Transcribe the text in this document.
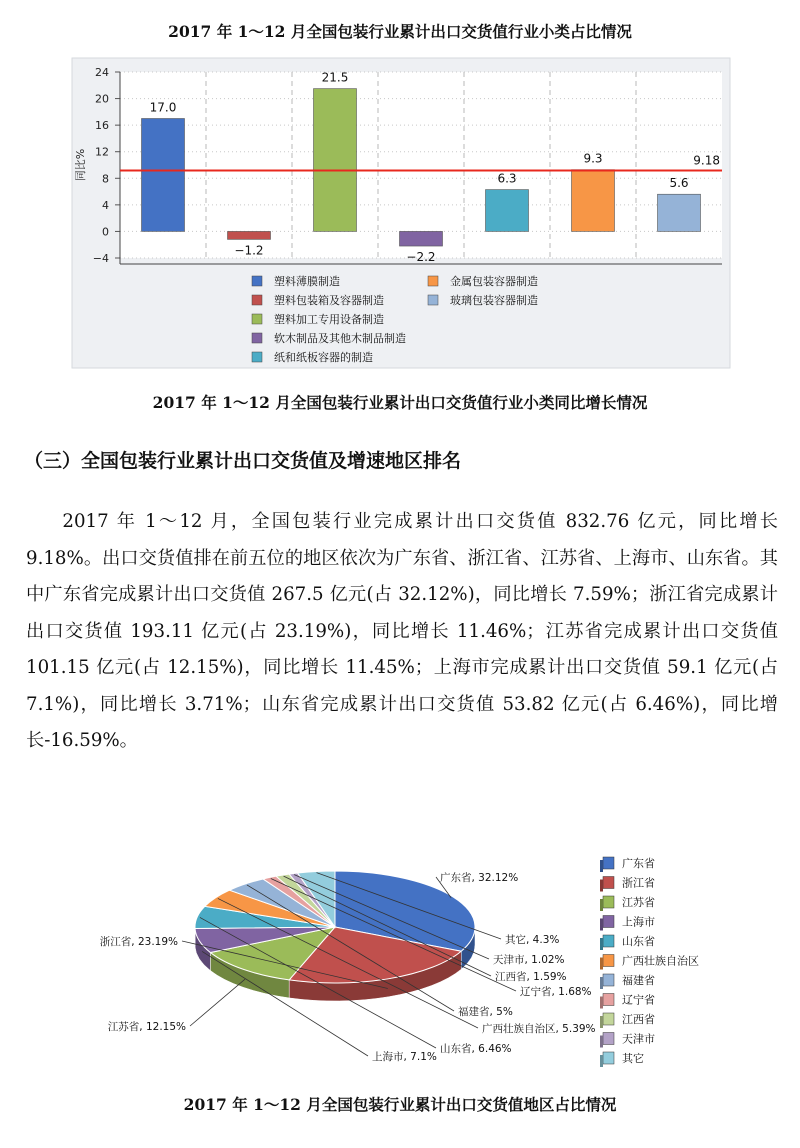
2017 年 1～12 月全国包装行业累计出口交货值行业小类占比情况
24
20
16
12
8
4
0
−4
同比%
17.0
−1.2
21.5
−2.2
6.3
9.3
5.6
9.18
塑料薄膜制造
塑料包装箱及容器制造
塑料加工专用设备制造
软木制品及其他木制品制造
纸和纸板容器的制造
金属包装容器制造
玻璃包装容器制造
2017 年 1～12 月全国包装行业累计出口交货值行业小类同比增长情况
（三）全国包装行业累计出口交货值及增速地区排名

2017 年 1～12 月，全国包装行业完成累计出口交货值 832.76 亿元，同比增长 9.18%。出口交货值排在前五位的地区依次为广东省、浙江省、江苏省、上海市、山东省。其中广东省完成累计出口交货值 267.5 亿元(占 32.12%)，同比增长 7.59%；浙江省完成累计出口交货值 193.11 亿元(占 23.19%)，同比增长 11.46%；江苏省完成累计出口交货值 101.15 亿元(占 12.15%)，同比增长 11.45%；上海市完成累计出口交货值 59.1 亿元(占 7.1%)，同比增长 3.71%；山东省完成累计出口交货值 53.82 亿元(占 6.46%)，同比增长-16.59%。

广东省, 32.12%
浙江省, 23.19%
江苏省, 12.15%
上海市, 7.1%
山东省, 6.46%
广西壮族自治区, 5.39%
福建省, 5%
辽宁省, 1.68%
江西省, 1.59%
天津市, 1.02%
其它, 4.3%
广东省
浙江省
江苏省
上海市
山东省
广西壮族自治区
福建省
辽宁省
江西省
天津市
其它
2017 年 1～12 月全国包装行业累计出口交货值地区占比情况
